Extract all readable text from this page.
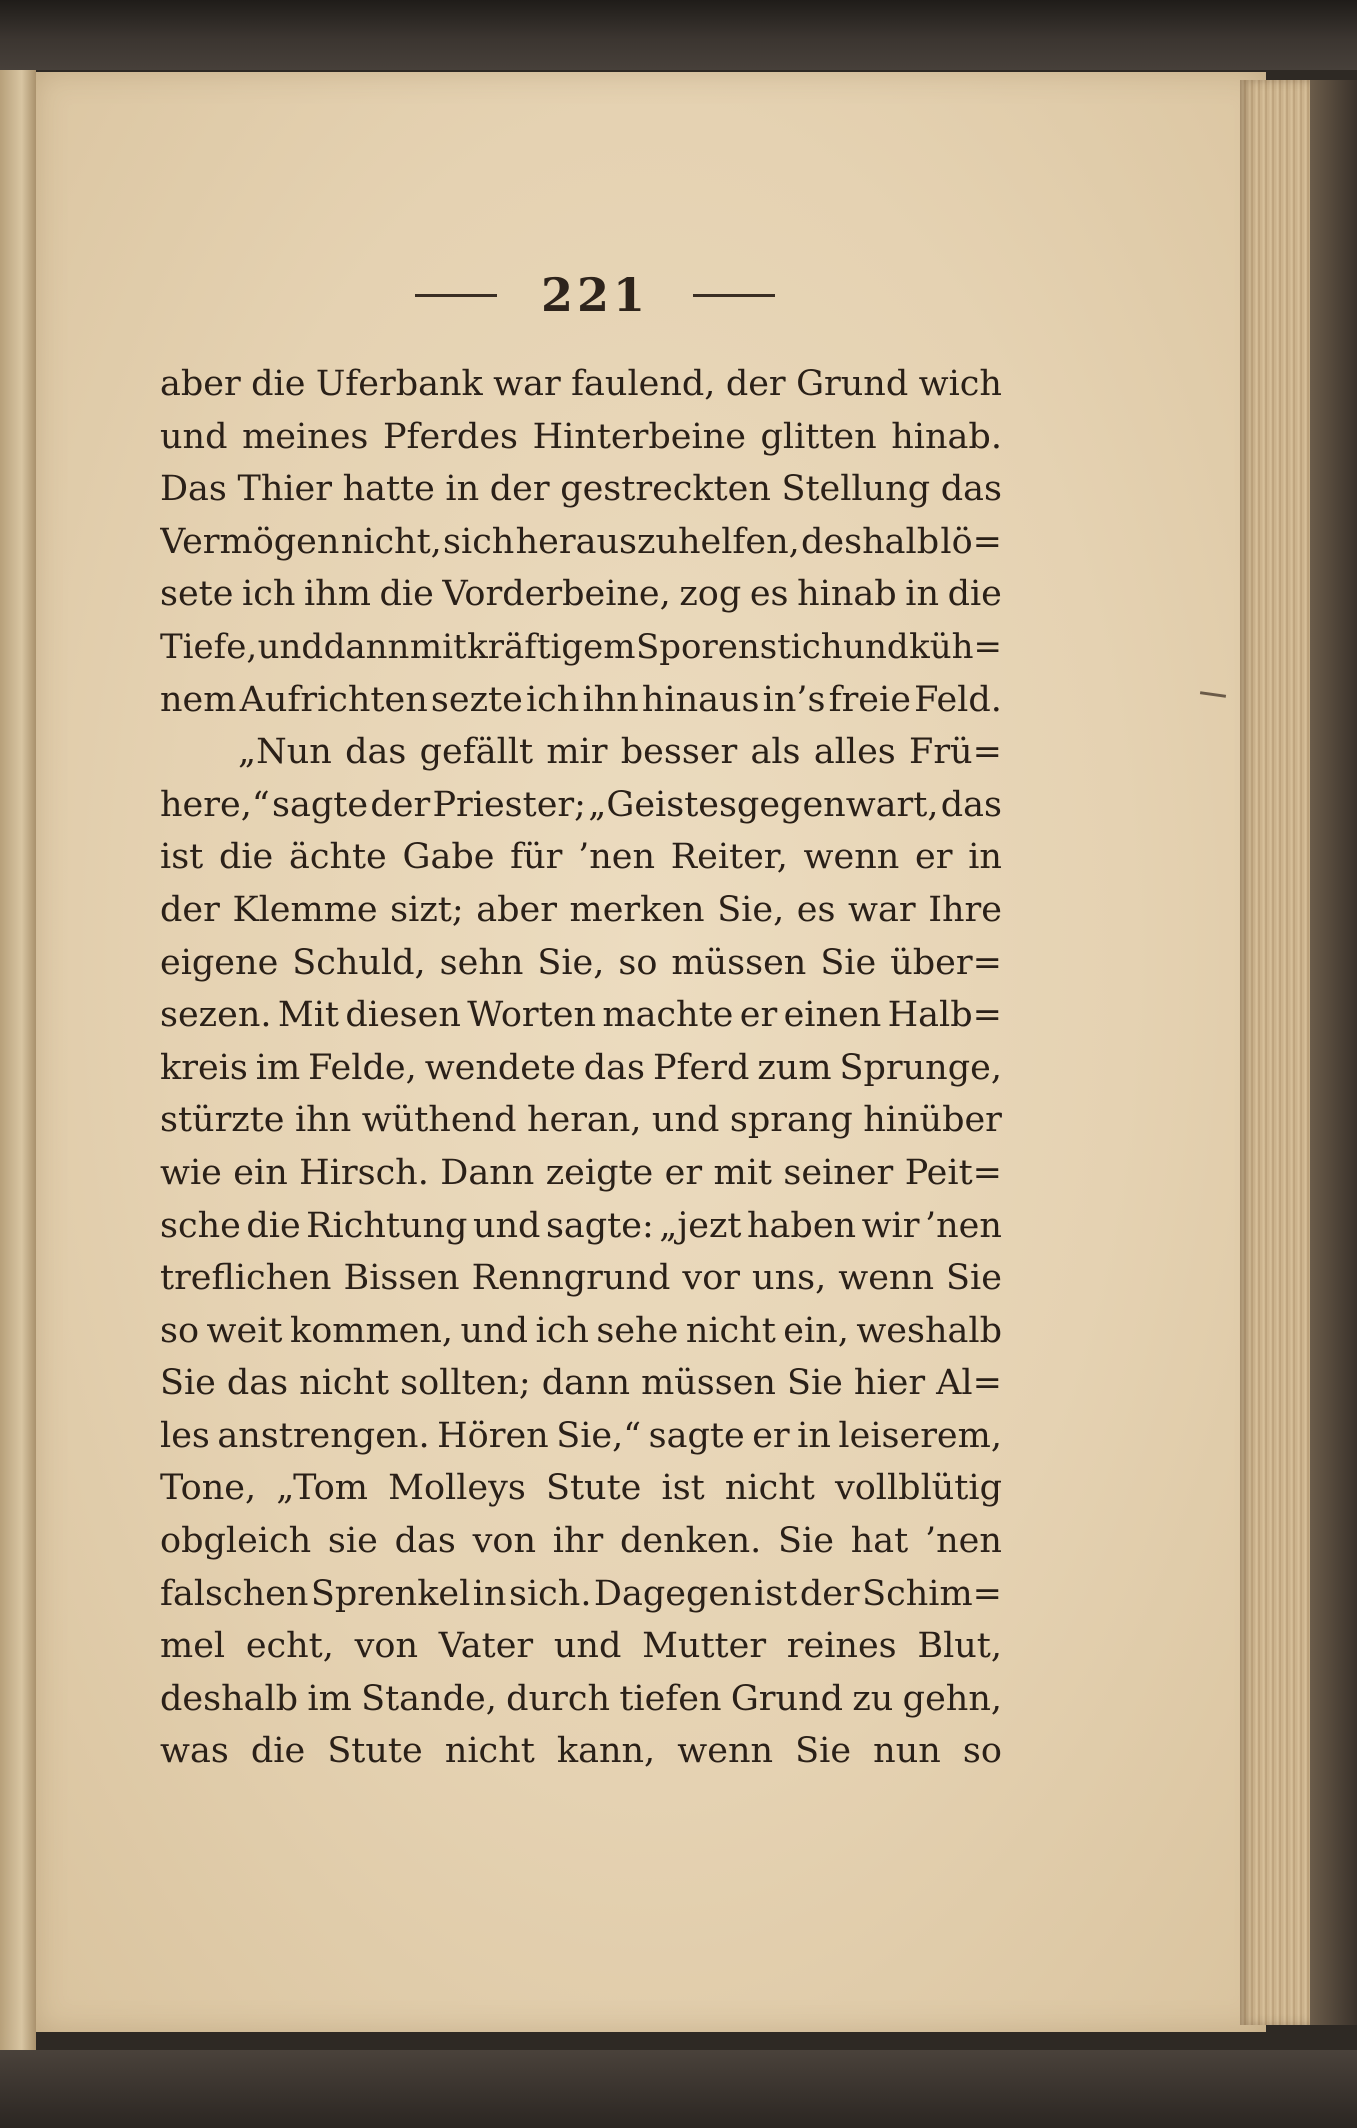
221
aber die Uferbank war faulend, der Grund wich
und meines Pferdes Hinterbeine glitten hinab.
Das Thier hatte in der gestreckten Stellung das
Vermögen nicht, sich herauszuhelfen, deshalb lö=
sete ich ihm die Vorderbeine, zog es hinab in die
Tiefe, und dann mit kräftigem Sporenstich und küh=
nem Aufrichten sezte ich ihn hinaus in’s freie Feld.
„Nun das gefällt mir besser als alles Frü=
here,“ sagte der Priester; „Geistesgegenwart, das
ist die ächte Gabe für ’nen Reiter, wenn er in
der Klemme sizt; aber merken Sie, es war Ihre
eigene Schuld, sehn Sie, so müssen Sie über=
sezen. Mit diesen Worten machte er einen Halb=
kreis im Felde, wendete das Pferd zum Sprunge,
stürzte ihn wüthend heran, und sprang hinüber
wie ein Hirsch. Dann zeigte er mit seiner Peit=
sche die Richtung und sagte: „jezt haben wir ’nen
treflichen Bissen Renngrund vor uns, wenn Sie
so weit kommen, und ich sehe nicht ein, weshalb
Sie das nicht sollten; dann müssen Sie hier Al=
les anstrengen. Hören Sie,“ sagte er in leiserem,
Tone, „Tom Molleys Stute ist nicht vollblütig
obgleich sie das von ihr denken. Sie hat ’nen
falschen Sprenkel in sich. Dagegen ist der Schim=
mel echt, von Vater und Mutter reines Blut,
deshalb im Stande, durch tiefen Grund zu gehn,
was die Stute nicht kann, wenn Sie nun so
